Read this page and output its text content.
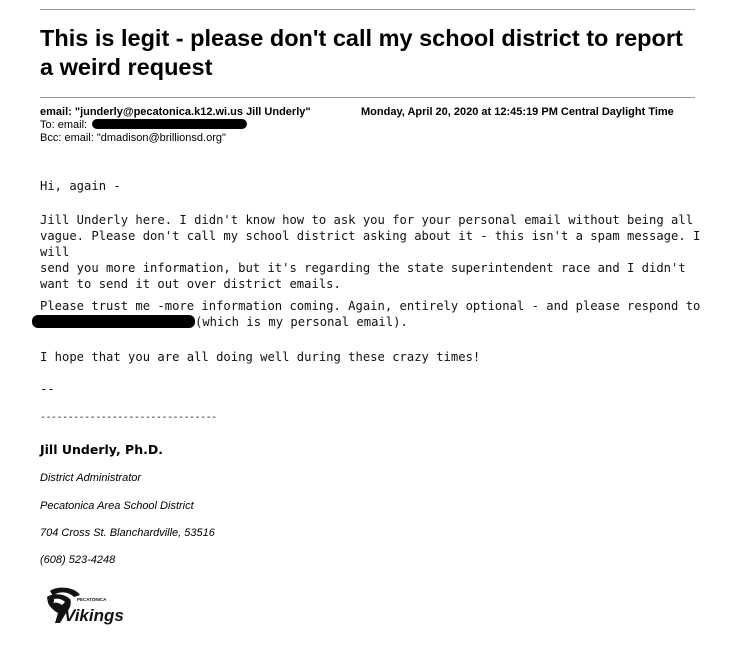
This is legit - please don't call my school district to report a weird request
email: "junderly@pecatonica.k12.wi.us Jill Underly"	Monday, April 20, 2020 at 12:45:19 PM Central Daylight Time
To: email:
Bcc: email: "dmadison@brillionsd.org"

Hi, again -

Jill Underly here. I didn't know how to ask you for your personal email without being all
vague. Please don't call my school district asking about it - this isn't a spam message. I will
send you more information, but it's regarding the state superintendent race and I didn't
want to send it out over district emails.

Please trust me -more information coming. Again, entirely optional - and please respond to
(which is my personal email).

I hope that you are all doing well during these crazy times!

--

--------------------------------

Jill Underly, Ph.D.

District Administrator

Pecatonica Area School District

704 Cross St. Blanchardville, 53516

(608) 523-4248

PECATONICA
Vikings
